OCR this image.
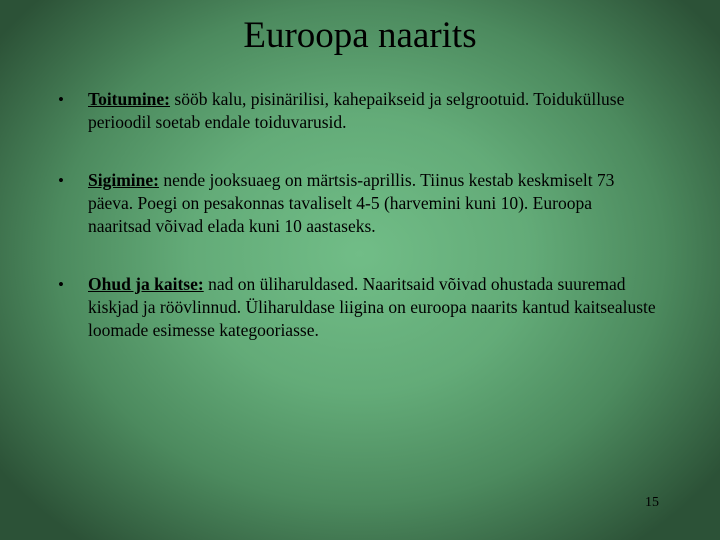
Euroopa naarits
• Toitumine: sööb kalu, pisinärilisi, kahepaikseid ja selgrootuid. Toidukülluse perioodil soetab endale toiduvarusid.
• Sigimine: nende jooksuaeg on märtsis-aprillis. Tiinus kestab keskmiselt 73 päeva. Poegi on pesakonnas tavaliselt 4-5 (harvemini kuni 10). Euroopa naaritsad võivad elada kuni 10 aastaseks.
• Ohud ja kaitse: nad on üliharuldased. Naaritsaid võivad ohustada suuremad kiskjad ja röövlinnud. Üliharuldase liigina on euroopa naarits kantud kaitsealuste loomade esimesse kategooriasse.
15
